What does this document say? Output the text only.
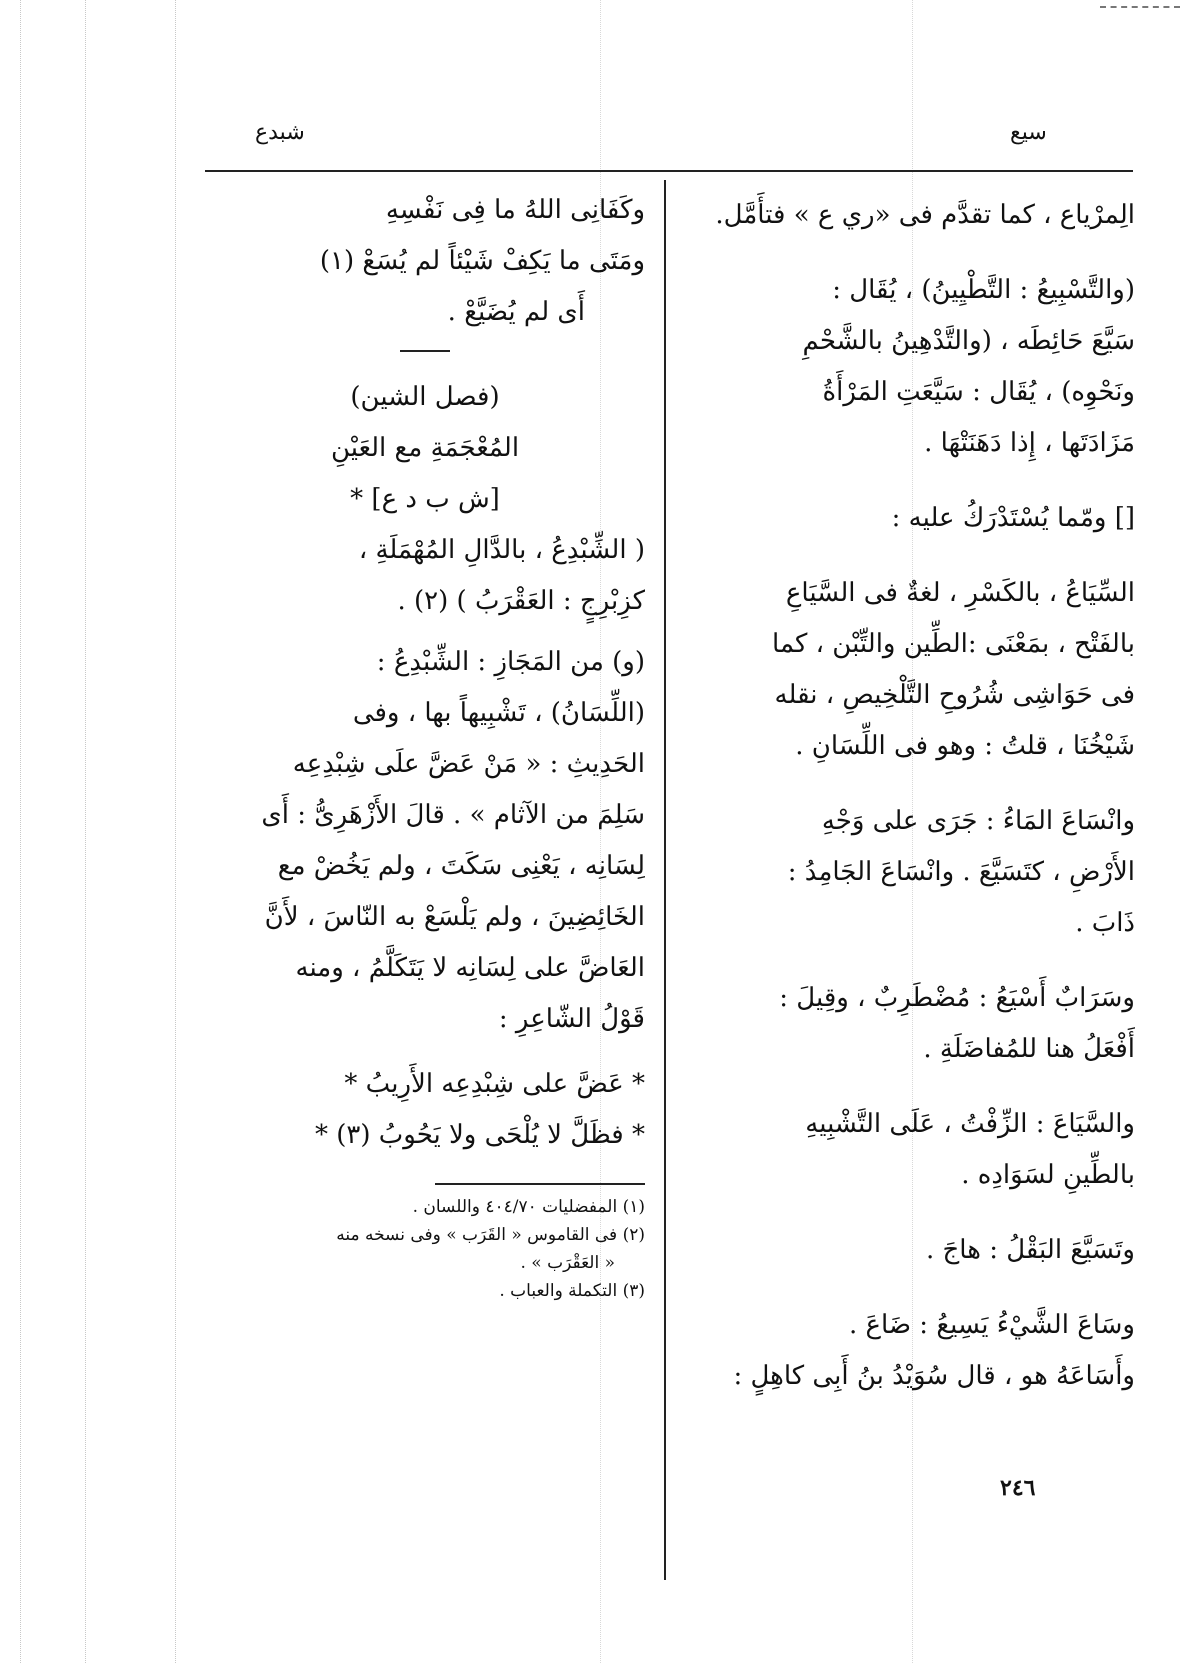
سيع
شبدع
الِمرْياع ، كما تقدَّم فى «ري ع » فتأَمَّل.
(والتَّسْبِيعُ : التَّطْيِينُ) ، يُقَال :
سَيَّعَ حَائِطَه ، (والتَّدْهِينُ بالشَّحْمِ
ونَحْوِه) ، يُقَال : سَيَّعَتِ المَرْأَةُ
مَزَادَتَها ، إِذا دَهَنَتْهَا .
[] ومّما يُسْتَدْرَكُ عليه :
السِّيَاعُ ، بالكَسْرِ ، لغةٌ فى السَّيَاعِ
بالفَتْح ، بمَعْنَى :الطِّين والتِّبْن ، كما
فى حَوَاشِى شُرُوحِ التَّلْخِيصِ ، نقله
شَيْخُنَا ، قلتُ : وهو فى اللِّسَانِ .
وانْسَاعَ المَاءُ : جَرَى على وَجْهِ
الأَرْضِ ، كتَسَيَّعَ . وانْسَاعَ الجَامِدُ :
ذَابَ .
وسَرَابٌ أَسْيَعُ : مُضْطَرِبٌ ، وقِيلَ :
أَفْعَلُ هنا للمُفاضَلَةِ .
والسَّيَاعَ : الزِّفْتُ ، عَلَى التَّشْبِيهِ
بالطِّينِ لسَوَادِه .
وتَسَيَّعَ البَقْلُ : هاجَ .
وسَاعَ الشَّيْءُ يَسِيعُ : ضَاعَ .
وأَسَاعَهُ هو ، قال سُوَيْدُ بنُ أَبِى كاهِلٍ :
وكَفَانِى اللهُ ما فِى نَفْسِهِ
ومَتَى ما يَكِفْ شَيْئاً لم يُسَعْ (١)
أَى لم يُضَيَّعْ .
(فصل الشين)
المُعْجَمَةِ مع العَيْنِ
[ش ب د ع] *
( الشِّبْدِعُ ، بالدَّالِ المُهْمَلَةِ ،
كزِبْرِجٍ : العَقْرَبُ ) (٢) .
(و) من المَجَازِ : الشِّبْدِعُ :
(اللِّسَانُ) ، تَشْبِيهاً بها ، وفى
الحَدِيثِ : « مَنْ عَضَّ علَى شِبْدِعِه
سَلِمَ من الآثام » . قالَ الأَزْهَرِىُّ : أَى
لِسَانِه ، يَعْنِى سَكَتَ ، ولم يَخُضْ مع
الخَائِضِينَ ، ولم يَلْسَعْ به النّاسَ ، لأَنَّ
العَاضَّ على لِسَانِه لا يَتَكَلَّمُ ، ومنه
قَوْلُ الشّاعِرِ :
* عَضَّ على شِبْدِعِه الأَرِيبُ *
* فظَلَّ لا يُلْحَى ولا يَحُوبُ (٣) *
(١) المفضليات ٤٠٤/٧٠ واللسان .
(٢) فى القاموس « القَرَب » وفى نسخه منه
« العَقْرَب » .
(٣) التكملة والعباب .
٢٤٦
